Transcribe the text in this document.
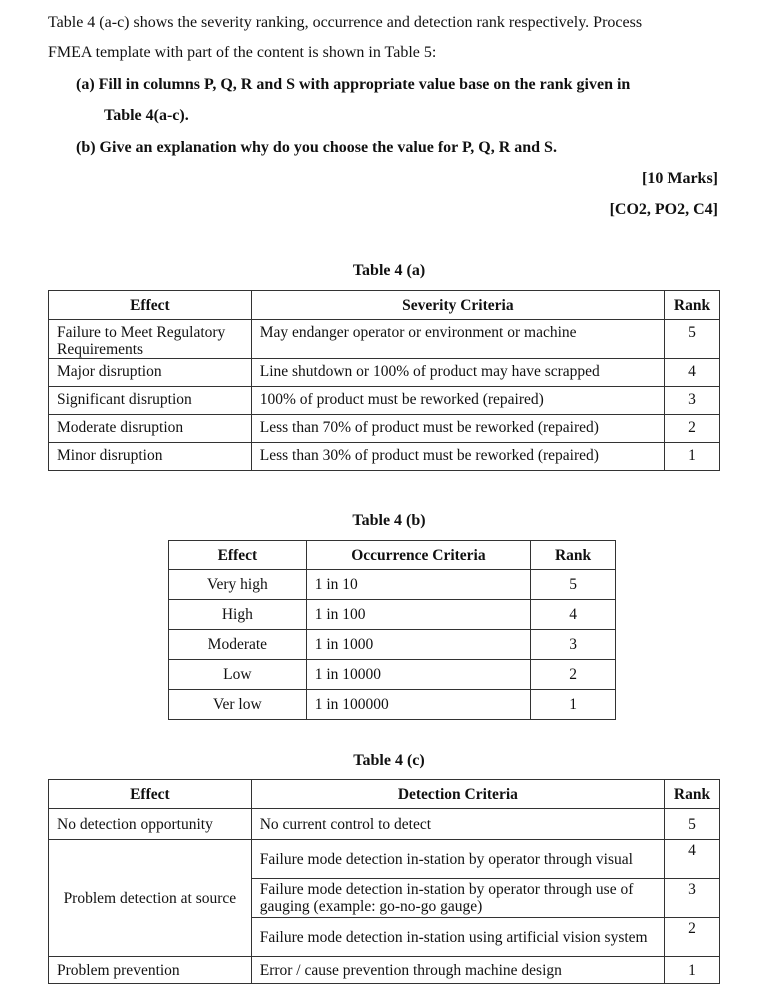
Table 4 (a-c) shows the severity ranking, occurrence and detection rank respectively. Process

FMEA template with part of the content is shown in Table 5:

(a) Fill in columns P, Q, R and S with appropriate value base on the rank given in
Table 4(a-c).
(b) Give an explanation why do you choose the value for P, Q, R and S.
[10 Marks]
[CO2, PO2, C4]
Table 4 (a)
Effect	Severity Criteria	Rank
Failure to Meet Regulatory Requirements	May endanger operator or environment or machine	5
Major disruption	Line shutdown or 100% of product may have scrapped	4
Significant disruption	100% of product must be reworked (repaired)	3
Moderate disruption	Less than 70% of product must be reworked (repaired)	2
Minor disruption	Less than 30% of product must be reworked (repaired)	1
Table 4 (b)
Effect	Occurrence Criteria	Rank
Very high	1 in 10	5
High	1 in 100	4
Moderate	1 in 1000	3
Low	1 in 10000	2
Ver low	1 in 100000	1
Table 4 (c)
Effect	Detection Criteria	Rank
No detection opportunity	No current control to detect	5
Problem detection at source	Failure mode detection in-station by operator through visual	4
	Failure mode detection in-station by operator through use of gauging (example: go-no-go gauge)	3
	Failure mode detection in-station using artificial vision system	2
Problem prevention	Error / cause prevention through machine design	1
